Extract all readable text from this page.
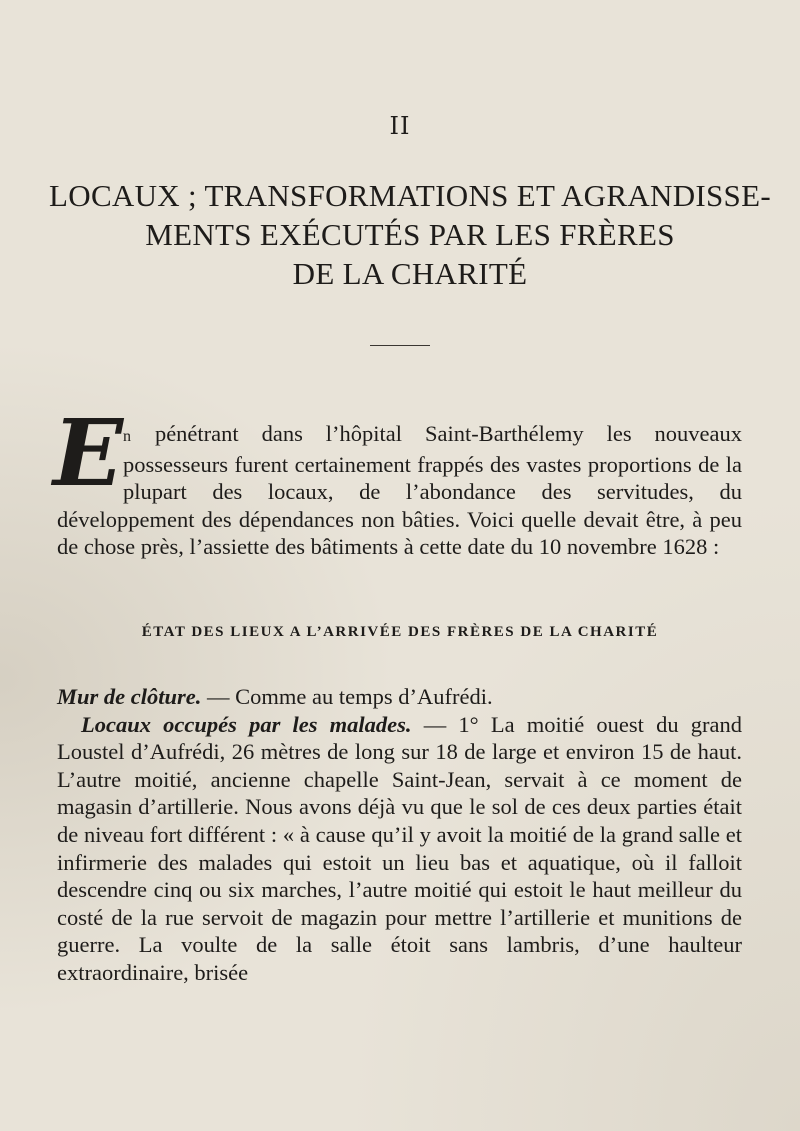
II
LOCAUX ; TRANSFORMATIONS ET AGRANDISSE-
MENTS EXÉCUTÉS PAR LES FRÈRES
DE LA CHARITÉ
En pénétrant dans l’hôpital Saint-Barthélemy les nouveaux possesseurs furent certainement frappés des vastes proportions de la plupart des locaux, de l’abondance des servitudes, du développement des dépendances non bâties. Voici quelle devait être, à peu de chose près, l’assiette des bâtiments à cette date du 10 novembre 1628 :
ÉTAT DES LIEUX A L’ARRIVÉE DES FRÈRES DE LA CHARITÉ

Mur de clôture. — Comme au temps d’Aufrédi.

Locaux occupés par les malades. — 1° La moitié ouest du grand Loustel d’Aufrédi, 26 mètres de long sur 18 de large et environ 15 de haut. L’autre moitié, ancienne chapelle Saint-Jean, servait à ce moment de magasin d’artillerie. Nous avons déjà vu que le sol de ces deux parties était de niveau fort différent : « à cause qu’il y avoit la moitié de la grand salle et infirmerie des malades qui estoit un lieu bas et aquatique, où il falloit descendre cinq ou six marches, l’autre moitié qui estoit le haut meilleur du costé de la rue servoit de magazin pour mettre l’artillerie et munitions de guerre. La voulte de la salle étoit sans lambris, d’une haulteur extraordinaire, brisée
